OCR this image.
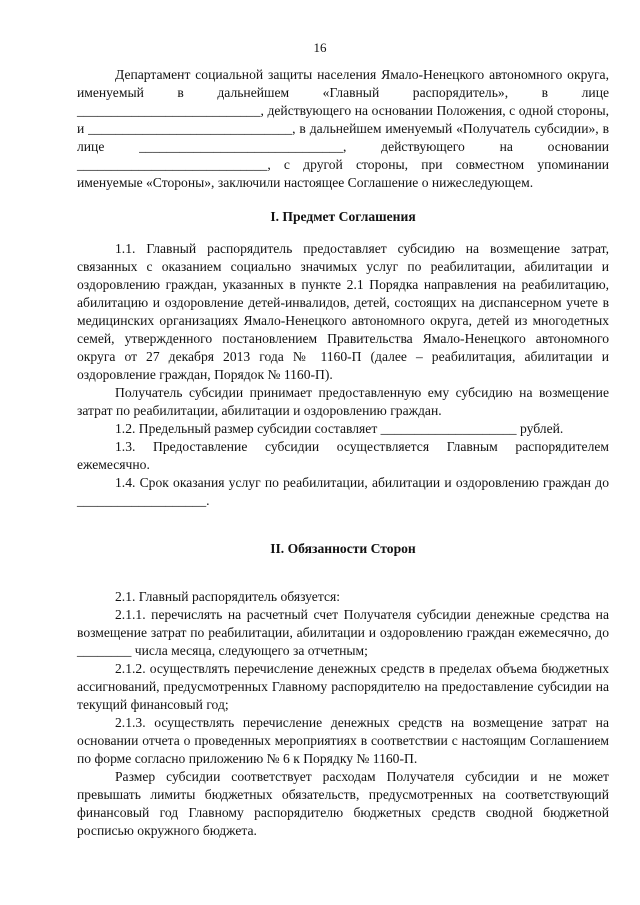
16

Департамент социальной защиты населения Ямало-Ненецкого автономного округа, именуемый в дальнейшем «Главный распорядитель», в лице ___________________________, действующего на основании Положения, с одной стороны, и ______________________________, в дальнейшем именуемый «Получатель субсидии», в лице ______________________________, действующего на основании ____________________________, с другой стороны, при совместном упоминании именуемые «Стороны», заключили настоящее Соглашение о нижеследующем.

I. Предмет Соглашения

1.1. Главный распорядитель предоставляет субсидию на возмещение затрат, связанных с оказанием социально значимых услуг по реабилитации, абилитации и оздоровлению граждан, указанных в пункте 2.1 Порядка направления на реабилитацию, абилитацию и оздоровление детей-инвалидов, детей, состоящих на диспансерном учете в медицинских организациях Ямало-Ненецкого автономного округа, детей из многодетных семей, утвержденного постановлением Правительства Ямало-Ненецкого автономного округа от 27 декабря 2013 года № 1160-П (далее – реабилитация, абилитации и оздоровление граждан, Порядок № 1160-П).

Получатель субсидии принимает предоставленную ему субсидию на возмещение затрат по реабилитации, абилитации и оздоровлению граждан.

1.2. Предельный размер субсидии составляет ____________________ рублей.

1.3. Предоставление субсидии осуществляется Главным распорядителем ежемесячно.

1.4. Срок оказания услуг по реабилитации, абилитации и оздоровлению граждан до ___________________.

II. Обязанности Сторон

2.1. Главный распорядитель обязуется:

2.1.1. перечислять на расчетный счет Получателя субсидии денежные средства на возмещение затрат по реабилитации, абилитации и оздоровлению граждан ежемесячно, до ________ числа месяца, следующего за отчетным;

2.1.2. осуществлять перечисление денежных средств в пределах объема бюджетных ассигнований, предусмотренных Главному распорядителю на предоставление субсидии на текущий финансовый год;

2.1.3. осуществлять перечисление денежных средств на возмещение затрат на основании отчета о проведенных мероприятиях в соответствии с настоящим Соглашением по форме согласно приложению № 6 к Порядку № 1160-П.

Размер субсидии соответствует расходам Получателя субсидии и не может превышать лимиты бюджетных обязательств, предусмотренных на соответствующий финансовый год Главному распорядителю бюджетных средств сводной бюджетной росписью окружного бюджета.
